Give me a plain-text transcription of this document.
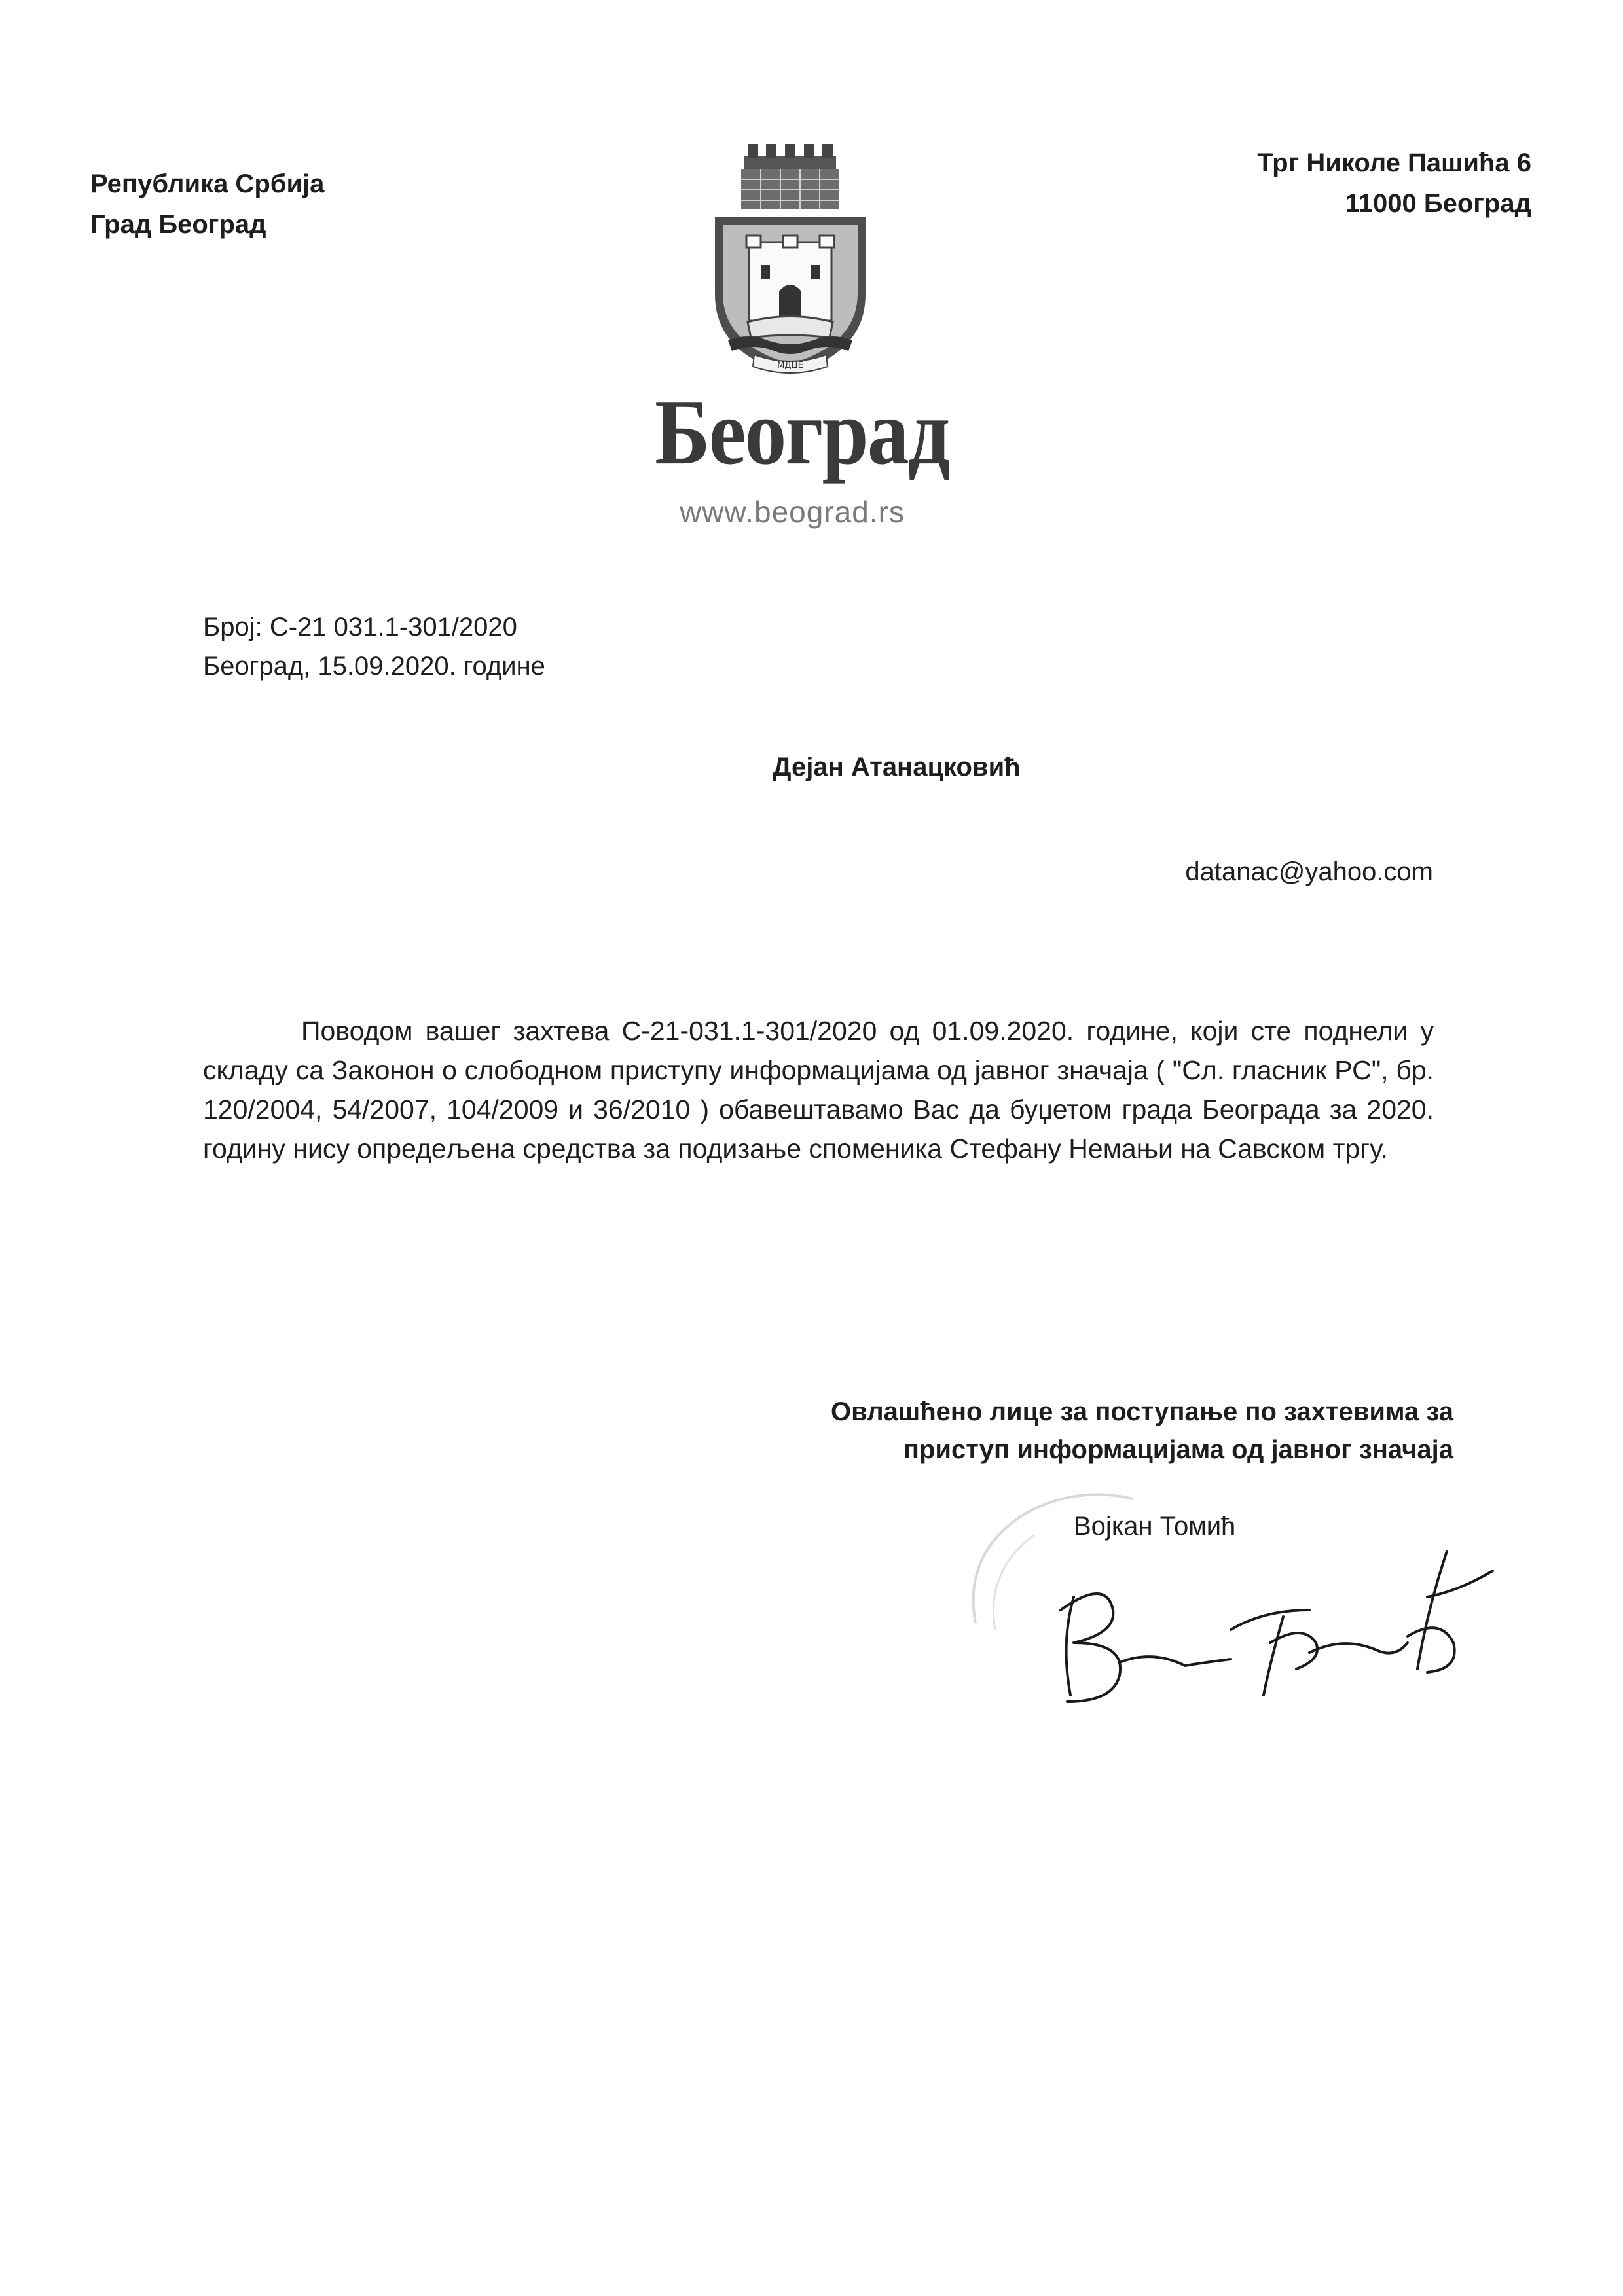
Република Србија
Град Београд
Трг Николе Пашића 6
11000 Београд
МДЦЕ
Београд
www.beograd.rs
Број: С-21 031.1-301/2020
Београд, 15.09.2020. године
Дејан Атанацковић
datanac@yahoo.com
Поводом вашег захтева С-21-031.1-301/2020 од 01.09.2020. године, који сте поднели у складу са Законон о слободном приступу информацијама од јавног значаја ( "Сл. гласник РС", бр. 120/2004, 54/2007, 104/2009 и 36/2010 ) обавештавамо Вас да буџетом града Београда за 2020. годину нису опредељена средства за подизање споменика Стефану Немањи на Савском тргу.
Овлашћено лице за поступање по захтевима за
приступ информацијама од јавног значаја
Војкан Томић
